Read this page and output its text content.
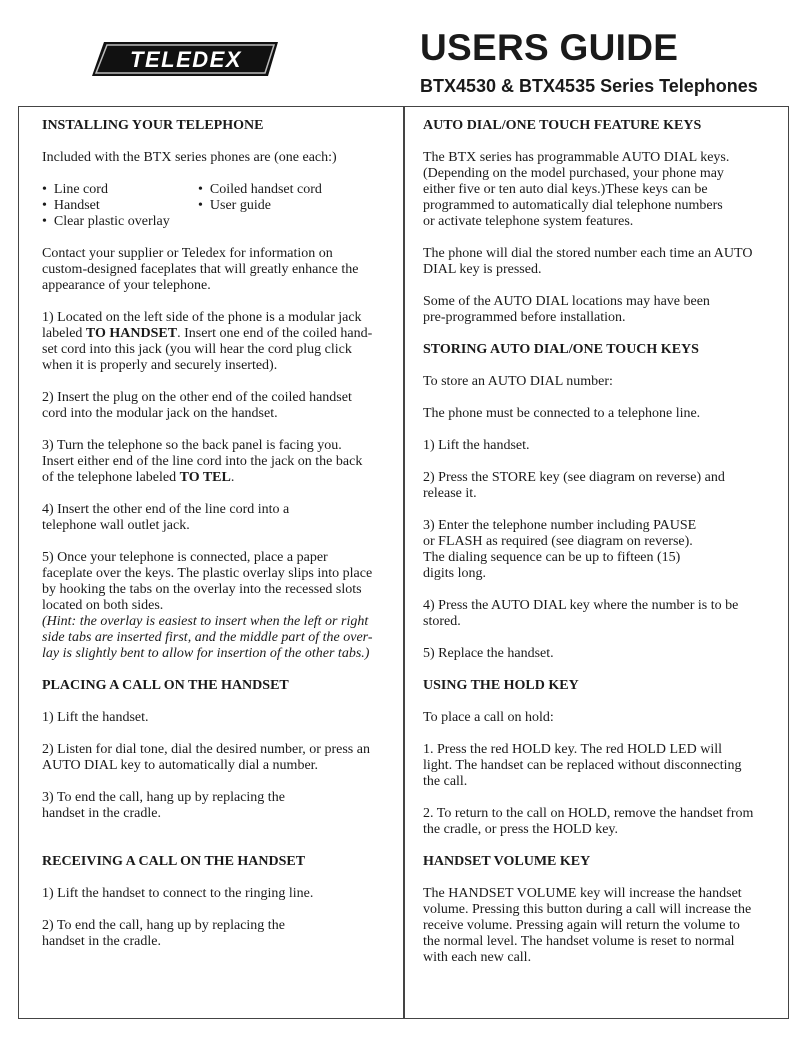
TELEDEX	USERS GUIDE
BTX4530 & BTX4535 Series Telephones
INSTALLING YOUR TELEPHONE

Included with the BTX series phones are (one each:)

•  Line cord	•  Coiled handset cord
•  Handset	•  User guide
•  Clear plastic overlay

Contact your supplier or Teledex for information on
custom-designed faceplates that will greatly enhance the
appearance of your telephone.

1) Located on the left side of the phone is a modular jack
labeled TO HANDSET. Insert one end of the coiled hand-
set cord into this jack (you will hear the cord plug click
when it is properly and securely inserted).

2) Insert the plug on the other end of the coiled handset
cord into the modular jack on the handset.

3) Turn the telephone so the back panel is facing you.
Insert either end of the line cord into the jack on the back
of the telephone labeled TO TEL.

4) Insert the other end of the line cord into a
telephone wall outlet jack.

5) Once your telephone is connected, place a paper
faceplate over the keys. The plastic overlay slips into place
by hooking the tabs on the overlay into the recessed slots
located on both sides.

(Hint: the overlay is easiest to insert when the left or right
side tabs are inserted first, and the middle part of the over-
lay is slightly bent to allow for insertion of the other tabs.)

PLACING A CALL ON THE HANDSET

1) Lift the handset.

2) Listen for dial tone, dial the desired number, or press an
AUTO DIAL key to automatically dial a number.

3) To end the call, hang up by replacing the
handset in the cradle.

RECEIVING A CALL ON THE HANDSET

1) Lift the handset to connect to the ringing line.

2) To end the call, hang up by replacing the
handset in the cradle.

AUTO DIAL/ONE TOUCH FEATURE KEYS

The BTX series has programmable AUTO DIAL keys.
(Depending on the model purchased, your phone may
either five or ten auto dial keys.)These keys can be
programmed to automatically dial telephone numbers
or activate telephone system features.

The phone will dial the stored number each time an AUTO
DIAL key is pressed.

Some of the AUTO DIAL locations may have been
pre-programmed before installation.

STORING AUTO DIAL/ONE TOUCH KEYS

To store an AUTO DIAL number:

The phone must be connected to a telephone line.

1) Lift the handset.

2) Press the STORE key (see diagram on reverse) and
release it.

3) Enter the telephone number including PAUSE
or FLASH as required (see diagram on reverse).
The dialing sequence can be up to fifteen (15)
digits long.

4) Press the AUTO DIAL key where the number is to be
stored.

5) Replace the handset.

USING THE HOLD KEY

To place a call on hold:

1. Press the red HOLD key. The red HOLD LED will
light. The handset can be replaced without disconnecting
the call.

2. To return to the call on HOLD, remove the handset from
the cradle, or press the HOLD key.

HANDSET VOLUME KEY

The HANDSET VOLUME key will increase the handset
volume. Pressing this button during a call will increase the
receive volume. Pressing again will return the volume to
the normal level. The handset volume is reset to normal
with each new call.
